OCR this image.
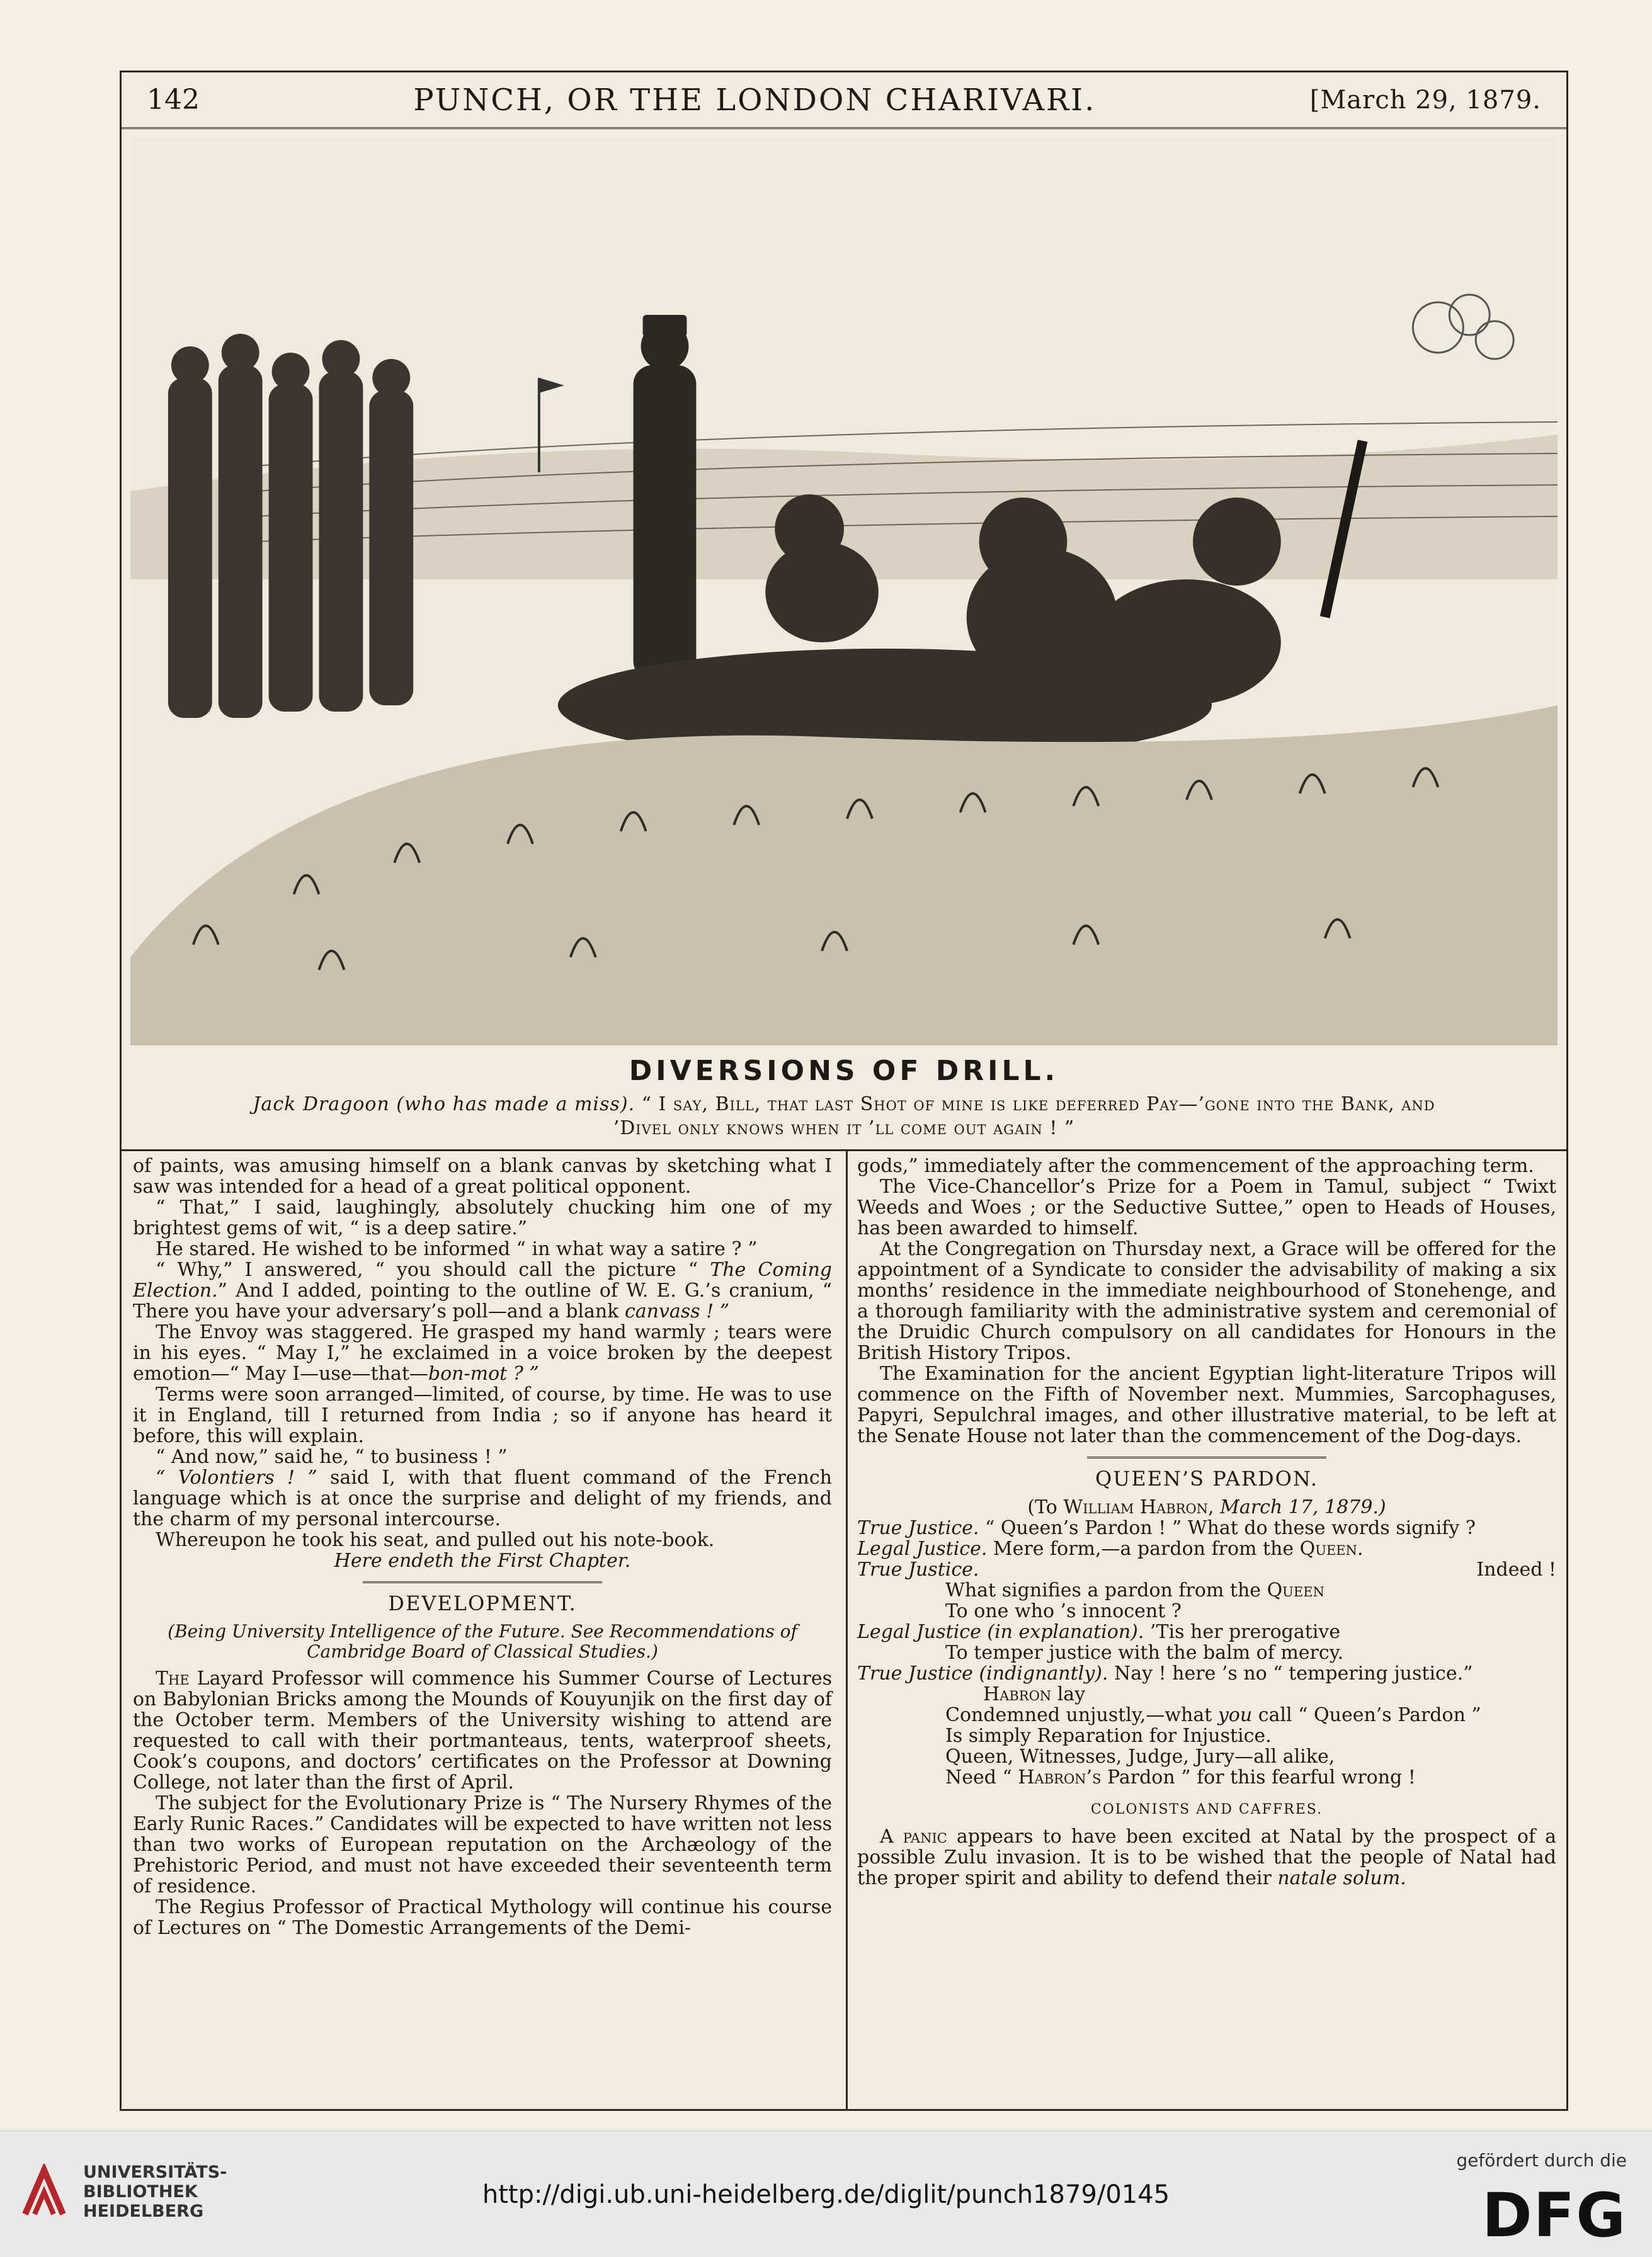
142	PUNCH, OR THE LONDON CHARIVARI.	[March 29, 1879.
DIVERSIONS OF DRILL.
Jack Dragoon (who has made a miss). “ I say, Bill, that last Shot of mine is like deferred Pay—’gone into the Bank, and
’Divel only knows when it ’ll come out again ! ”

of paints, was amusing himself on a blank canvas by sketching what I saw was intended for a head of a great political opponent.

“ That,” I said, laughingly, absolutely chucking him one of my brightest gems of wit, “ is a deep satire.”

He stared. He wished to be informed “ in what way a satire ? ”

“ Why,” I answered, “ you should call the picture “ The Coming Election.” And I added, pointing to the outline of W. E. G.’s cranium, “ There you have your adversary’s poll—and a blank canvass ! ”

The Envoy was staggered. He grasped my hand warmly ; tears were in his eyes. “ May I,” he exclaimed in a voice broken by the deepest emotion—“ May I—use—that—bon-mot ? ”

Terms were soon arranged—limited, of course, by time. He was to use it in England, till I returned from India ; so if anyone has heard it before, this will explain.

“ And now,” said he, “ to business ! ”

“ Volontiers ! ” said I, with that fluent command of the French language which is at once the surprise and delight of my friends, and the charm of my personal intercourse.

Whereupon he took his seat, and pulled out his note-book.

Here endeth the First Chapter.

DEVELOPMENT.

(Being University Intelligence of the Future. See Recommendations of Cambridge Board of Classical Studies.)

The Layard Professor will commence his Summer Course of Lectures on Babylonian Bricks among the Mounds of Kouyunjik on the first day of the October term. Members of the University wishing to attend are requested to call with their portmanteaus, tents, waterproof sheets, Cook’s coupons, and doctors’ certificates on the Professor at Downing College, not later than the first of April.

The subject for the Evolutionary Prize is “ The Nursery Rhymes of the Early Runic Races.” Candidates will be expected to have written not less than two works of European reputation on the Archæology of the Prehistoric Period, and must not have exceeded their seventeenth term of residence.

The Regius Professor of Practical Mythology will continue his course of Lectures on “ The Domestic Arrangements of the Demi-

gods,” immediately after the commencement of the approaching term.

The Vice-Chancellor’s Prize for a Poem in Tamul, subject “ Twixt Weeds and Woes ; or the Seductive Suttee,” open to Heads of Houses, has been awarded to himself.

At the Congregation on Thursday next, a Grace will be offered for the appointment of a Syndicate to consider the advisability of making a six months’ residence in the immediate neighbourhood of Stonehenge, and a thorough familiarity with the administrative system and ceremonial of the Druidic Church compulsory on all candidates for Honours in the British History Tripos.

The Examination for the ancient Egyptian light-literature Tripos will commence on the Fifth of November next. Mummies, Sarcophaguses, Papyri, Sepulchral images, and other illustrative material, to be left at the Senate House not later than the commencement of the Dog-days.

QUEEN’S PARDON.

(To William Habron, March 17, 1879.)

True Justice. “ Queen’s Pardon ! ” What do these words signify ?
Legal Justice. Mere form,—a pardon from the Queen.
True Justice.	Indeed !
What signifies a pardon from the Queen
To one who ’s innocent ?
Legal Justice (in explanation). ’Tis her prerogative
To temper justice with the balm of mercy.
True Justice (indignantly). Nay ! here ’s no “ tempering justice.”
Habron lay
Condemned unjustly,—what you call “ Queen’s Pardon ”
Is simply Reparation for Injustice.
Queen, Witnesses, Judge, Jury—all alike,
Need “ Habron’s Pardon ” for this fearful wrong !
COLONISTS AND CAFFRES.

A panic appears to have been excited at Natal by the prospect of a possible Zulu invasion. It is to be wished that the people of Natal had the proper spirit and ability to defend their natale solum.

UNIVERSITÄTS-
BIBLIOTHEK
HEIDELBERG
http://digi.ub.uni-heidelberg.de/diglit/punch1879/0145
gefördert durch die
DFG
